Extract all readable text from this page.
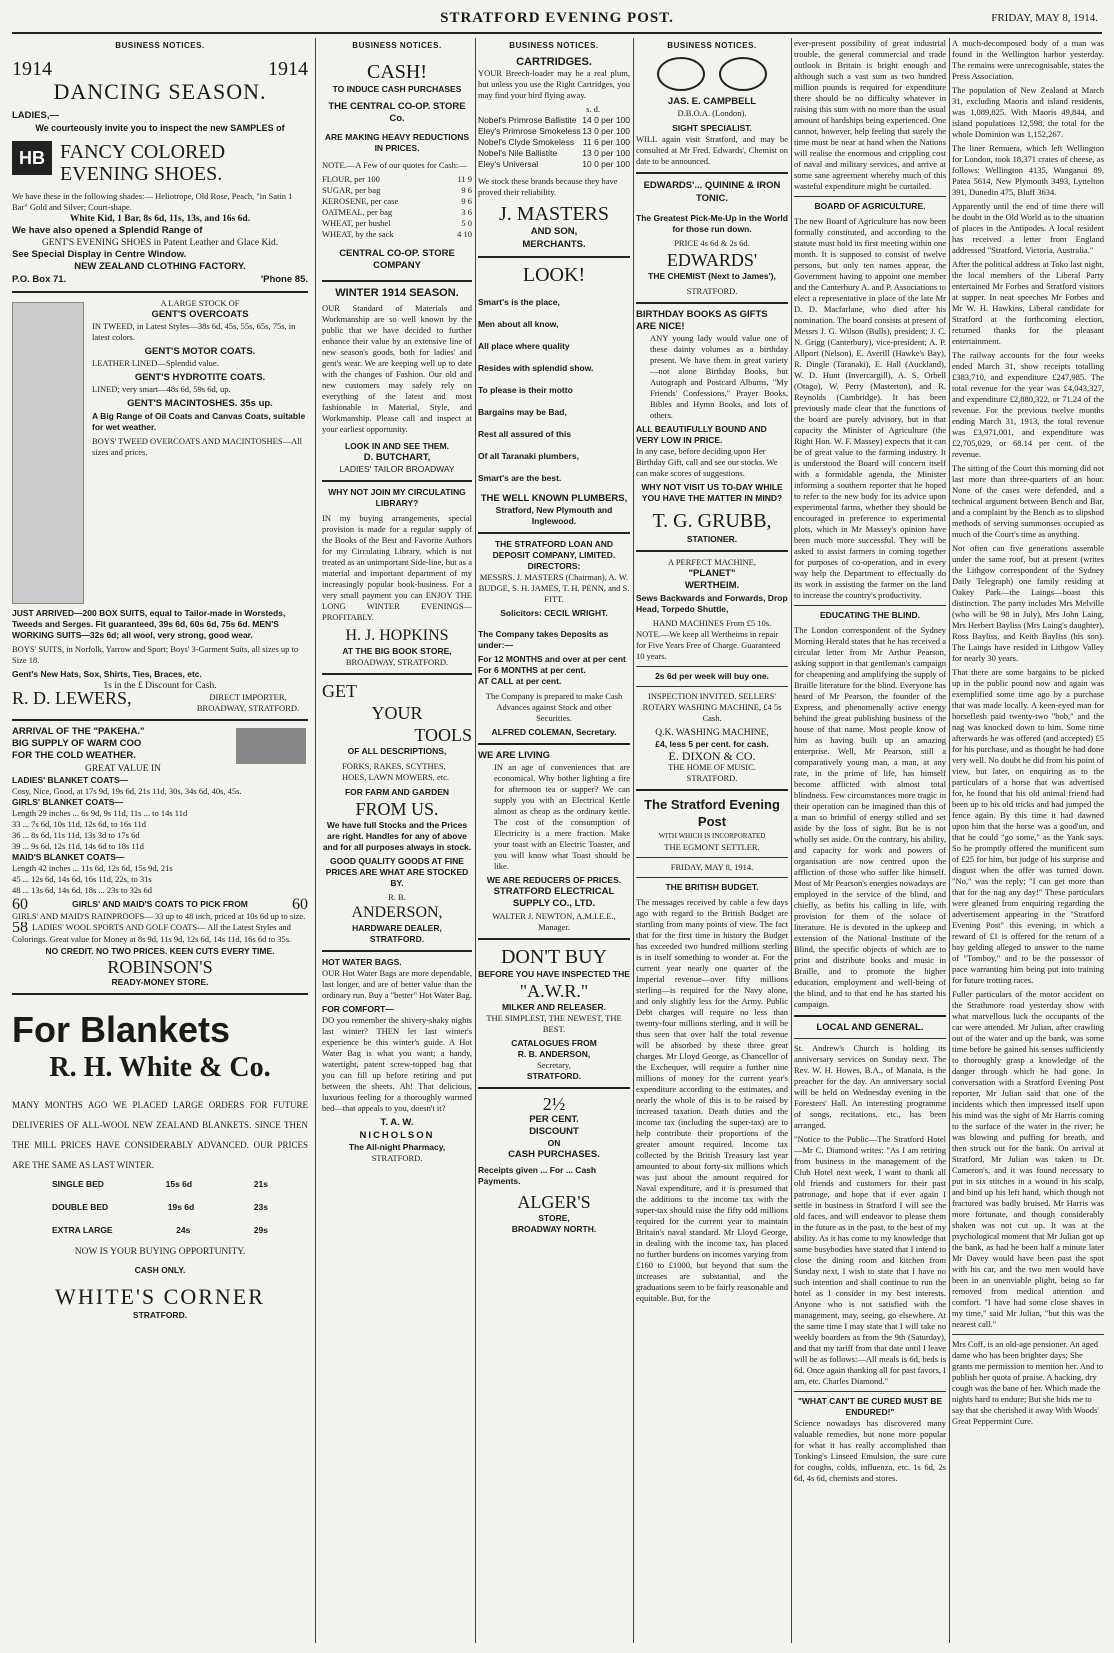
STRATFORD EVENING POST.	FRIDAY, MAY 8, 1914.
BUSINESS NOTICES.
1914	1914
DANCING SEASON.
LADIES,—
We courteously invite you to inspect the new SAMPLES of
HB FANCY COLORED EVENING SHOES.
We have these in the following shades:— Heliotrope, Old Rose, Peach, "in Satin 1 Bar" Gold and Silver; Court-shape.
White Kid, 1 Bar, 8s 6d, 11s, 13s, and 16s 6d.
We have also opened a Splendid Range of
GENT'S EVENING SHOES in Patent Leather and Glace Kid.
See Special Display in Centre Window.
NEW ZEALAND CLOTHING FACTORY.
P.O. Box 71.	'Phone 85.
A LARGE STOCK OF
GENT'S OVERCOATS

IN TWEED, in Latest Styles—38s 6d, 45s, 55s, 65s, 75s, in latest colors.

GENT'S MOTOR COATS.

LEATHER LINED—Splendid value.

GENT'S HYDROTITE COATS.

LINED; very smart—48s 6d, 59s 6d, up.

GENT'S MACINTOSHES. 35s up.

A Big Range of Oil Coats and Canvas Coats, suitable for wet weather.

BOYS' TWEED OVERCOATS AND MACINTOSHES—All sizes and prices.

JUST ARRIVED—200 BOX SUITS, equal to Tailor-made in Worsteds, Tweeds and Serges. Fit guaranteed, 39s 6d, 60s 6d, 75s 6d. MEN'S WORKING SUITS—32s 6d; all wool, very strong, good wear.

BOYS' SUITS, in Norfolk, Yarrow and Sport; Boys' 3-Garment Suits, all sizes up to Size 18.

Gent's New Hats, Sox, Shirts, Ties, Braces, etc.
1s in the £ Discount for Cash.
R. D. LEWERS,	DIRECT IMPORTER, BROADWAY, STRATFORD.
ARRIVAL OF THE "PAKEHA."
BIG SUPPLY OF WARM COO
FOR THE COLD WEATHER.
GREAT VALUE IN
LADIES' BLANKET COATS—
Cosy, Nice, Good, at 17s 9d, 19s 6d, 21s 11d, 30s, 34s 6d, 40s, 45s.
GIRLS' BLANKET COATS—
Length 29 inches ... 6s 9d, 9s 11d, 11s ... to 14s 11d
33 ... 7s 6d, 10s 11d, 12s 6d, to 16s 11d
36 ... 8s 6d, 11s 11d, 13s 3d to 17s 6d
39 ... 9s 6d, 12s 11d, 14s 6d to 18s 11d
MAID'S BLANKET COATS—
Length 42 inches ... 11s 6d, 12s 6d, 15s 9d, 21s
45 ... 12s 6d, 14s 6d, 16s 11d, 22s, to 31s
48 ... 13s 6d, 14s 6d, 18s ... 23s to 32s 6d
60	GIRLS' AND MAID'S COATS TO PICK FROM	60
GIRLS' AND MAID'S RAINPROOFS— 33 up to 48 inch, priced at 10s 6d up to size.
58 LADIES' WOOL SPORTS AND GOLF COATS— All the Latest Styles and Colorings. Great value for Money at 8s 9d, 11s 9d, 12s 6d, 14s 11d, 16s 6d to 35s.
NO CREDIT. NO TWO PRICES. KEEN CUTS EVERY TIME.
ROBINSON'S
READY-MONEY STORE.
For Blankets
R. H. White & Co.

MANY MONTHS AGO WE PLACED LARGE ORDERS FOR FUTURE DELIVERIES OF ALL-WOOL NEW ZEALAND BLANKETS. SINCE THEN THE MILL PRICES HAVE CONSIDERABLY ADVANCED. OUR PRICES ARE THE SAME AS LAST WINTER.

SINGLE BED	15s 6d	21s
DOUBLE BED	19s 6d	23s
EXTRA LARGE	24s	29s
NOW IS YOUR BUYING OPPORTUNITY.
CASH ONLY.
WHITE'S CORNER
STRATFORD.
BUSINESS NOTICES.
CASH!
TO INDUCE CASH PURCHASES
THE CENTRAL CO-OP. STORE Co.
ARE MAKING HEAVY REDUCTIONS IN PRICES.

NOTE.—A Few of our quotes for Cash:—

FLOUR, per 100	11 9
SUGAR, per bag	9 6
KEROSENE, per case	9 6
OATMEAL, per bag	3 6
WHEAT, per bushel	5 0
WHEAT, by the sack	4 10
CENTRAL CO-OP. STORE COMPANY
WINTER 1914 SEASON.

OUR Standard of Materials and Workmanship are so well known by the public that we have decided to further enhance their value by an extensive line of new season's goods, both for ladies' and gent's wear. We are keeping well up to date with the changes of Fashion. Our old and new customers may safely rely on everything of the latest and most fashionable in Material, Style, and Workmanship. Please call and inspect at your earliest opportunity.

LOOK IN AND SEE THEM.
D. BUTCHART,
LADIES' TAILOR BROADWAY
WHY NOT JOIN MY CIRCULATING LIBRARY?

IN my buying arrangements, special provision is made for a regular supply of the Books of the Best and Favorite Authors for my Circulating Library, which is not treated as an unimportant Side-line, but as a material and important department of my increasingly popular book-business. For a very small payment you can ENJOY THE LONG WINTER EVENINGS—PROFITABLY.

H. J. HOPKINS
AT THE BIG BOOK STORE,
BROADWAY, STRATFORD.
GET
YOUR
TOOLS
OF ALL DESCRIPTIONS,

FORKS, RAKES, SCYTHES, HOES, LAWN MOWERS, etc.

FOR FARM AND GARDEN
FROM US.

We have full Stocks and the Prices are right. Handles for any of above and for all purposes always in stock.

GOOD QUALITY GOODS AT FINE PRICES ARE WHAT ARE STOCKED BY.

R. B.
ANDERSON,
HARDWARE DEALER,
STRATFORD.
HOT WATER BAGS.

OUR Hot Water Bags are more dependable, last longer, and are of better value than the ordinary run. Buy a "better" Hot Water Bag.

FOR COMFORT—

DO you remember the shivery-shaky nights last winter? THEN let last winter's experience be this winter's guide. A Hot Water Bag is what you want; a handy, watertight, patent screw-topped bag that you can fill up before retiring and put between the sheets. Ah! That delicious, luxurious feeling for a thoroughly warmed bed—that appeals to you, doesn't it?

T. A. W.
NICHOLSON
The All-night Pharmacy,
STRATFORD.
BUSINESS NOTICES.
CARTRIDGES.

YOUR Breech-loader may be a real plum, but unless you use the Right Cartridges, you may find your bird flying away.

s. d.
Nobel's Primrose Ballistite 14 0 per 100
Eley's Primrose Smokeless 13 0 per 100
Nobel's Clyde Smokeless 11 6 per 100
Nobel's Nile Ballistite	13 0 per 100
Eley's Universal	10 0 per 100

We stock these brands because they have proved their reliability.

J. MASTERS
AND SON,
MERCHANTS.
LOOK!
Smart's is the place,
Men about all know,
All place where quality
Resides with splendid show.
To please is their motto
Bargains may be Bad,
Rest all assured of this
Of all Taranaki plumbers,
Smart's are the best.
THE WELL KNOWN PLUMBERS,
Stratford, New Plymouth and Inglewood.
THE STRATFORD LOAN AND DEPOSIT COMPANY, LIMITED.
DIRECTORS:

MESSRS. J. MASTERS (Chairman), A. W. BUDGE, S. H. JAMES, T. H. PENN, and S. FITT.

Solicitors: CECIL WRIGHT.

The Company takes Deposits as under:—

For 12 MONTHS and over at per cent
For 6 MONTHS at per cent.
AT CALL at per cent.

The Company is prepared to make Cash Advances against Stock and other Securities.

ALFRED COLEMAN, Secretary.
WE ARE LIVING

IN an age of conveniences that are economical. Why bother lighting a fire for afternoon tea or supper? We can supply you with an Electrical Kettle almost as cheap as the ordinary kettle. The cost of the consumption of Electricity is a mere fraction. Make your toast with an Electric Toaster, and you will know what Toast should be like.

WE ARE REDUCERS OF PRICES.
STRATFORD ELECTRICAL SUPPLY CO., LTD.
WALTER J. NEWTON, A.M.I.E.E., Manager.
DON'T BUY
BEFORE YOU HAVE INSPECTED THE
"A.W.R."
MILKER AND RELEASER.

THE SIMPLEST, THE NEWEST, THE BEST.

CATALOGUES FROM
R. B. ANDERSON,
Secretary,
STRATFORD.
2½
PER CENT.
DISCOUNT
ON
CASH PURCHASES.
Receipts given ... For ... Cash Payments.
ALGER'S
STORE,
BROADWAY NORTH.
BUSINESS NOTICES.
JAS. E. CAMPBELL
D.B.O.A. (London).
SIGHT SPECIALIST.

WILL again visit Stratford, and may be consulted at Mr Fred. Edwards', Chemist on date to be announced.

EDWARDS'... QUININE & IRON TONIC.

The Greatest Pick-Me-Up in the World for those run down.

PRICE 4s 6d & 2s 6d.
EDWARDS'
THE CHEMIST (Next to James'),
STRATFORD.
BIRTHDAY BOOKS AS GIFTS ARE NICE!

ANY young lady would value one of these dainty volumes as a birthday present. We have them in great variety—not alone Birthday Books, but Autograph and Postcard Albums, "My Friends' Confessions," Prayer Books, Bibles and Hymn Books, and lots of others.

ALL BEAUTIFULLY BOUND AND VERY LOW IN PRICE.

In any case, before deciding upon Her Birthday Gift, call and see our stocks. We can make scores of suggestions.

WHY NOT VISIT US TO-DAY WHILE YOU HAVE THE MATTER IN MIND?
T. G. GRUBB,
STATIONER.
A PERFECT MACHINE,
"PLANET"
WERTHEIM.

Sews Backwards and Forwards, Drop Head, Torpedo Shuttle,

HAND MACHINES From £5 10s.

NOTE.—We keep all Wertheims in repair for Five Years Free of Charge. Guaranteed 10 years.

2s 6d per week will buy one.

INSPECTION INVITED. SELLERS' ROTARY WASHING MACHINE, £4 5s Cash.

Q.K. WASHING MACHINE,
£4, less 5 per cent. for cash.
E. DIXON & CO.
THE HOME OF MUSIC.
STRATFORD.
The Stratford Evening Post
WITH WHICH IS INCORPORATED
THE EGMONT SETTLER.
FRIDAY, MAY 8, 1914.
THE BRITISH BUDGET.

The messages received by cable a few days ago with regard to the British Budget are startling from many points of view. The fact that for the first time in history the Budget has exceeded two hundred millions sterling is in itself something to wonder at. For the current year nearly one quarter of the Imperial revenue—over fifty millions sterling—is required for the Navy alone, and only slightly less for the Army. Public Debt charges will require no less than twenty-four millions sterling, and it will be thus seen that over half the total revenue will be absorbed by these three great charges. Mr Lloyd George, as Chancellor of the Exchequer, will require a further nine millions of money for the current year's expenditure according to the estimates, and nearly the whole of this is to be raised by increased taxation. Death duties and the income tax (including the super-tax) are to help contribute their proportions of the greater amount required. Income tax collected by the British Treasury last year amounted to about forty-six millions which was just about the amount required for Naval expenditure, and it is presumed that the additions to the income tax with the super-tax should raise the fifty odd millions required for the current year to maintain Britain's naval standard. Mr Lloyd George, in dealing with the income tax, has placed no further burdens on incomes varying from £160 to £1000, but beyond that sum the increases are substantial, and the graduations seem to be fairly reasonable and equitable. But, for the

ever-present possibility of great industrial trouble, the general commercial and trade outlook in Britain is bright enough and although such a vast sum as two hundred million pounds is required for expenditure there should be no difficulty whatever in raising this sum with no more than the usual amount of hardships being experienced. One cannot, however, help feeling that surely the time must be near at hand when the Nations will realise the enormous and crippling cost of naval and military services, and arrive at some sane agreement whereby much of this wasteful expenditure might be curtailed.

BOARD OF AGRICULTURE.

The new Board of Agriculture has now been formally constituted, and according to the statute must hold its first meeting within one month. It is supposed to consist of twelve persons, but only ten names appear, the Government having to appoint one member and the Canterbury A. and P. Associations to elect a representative in place of the late Mr D. D. Macfarlane, who died after his nomination. The board consists at present of Messrs J. G. Wilson (Bulls), president; J. C. N. Grigg (Canterbury), vice-president; A. P. Allport (Nelson), E. Averill (Hawke's Bay), R. Dingle (Taranaki), E. Hall (Auckland), W. D. Hunt (Invercargill), A. S. Orbell (Otago), W. Perry (Masterton), and R. Reynolds (Cambridge). It has been previously made clear that the functions of the board are purely advisory, but in that capacity the Minister of Agriculture (the Right Hon. W. F. Massey) expects that it can be of great value to the farming industry. It is understood the Board will concern itself with a formidable agenda, the Minister informing a southern reporter that he hoped to refer to the new body for its advice upon experimental farms, whether they should be encouraged in preference to experimental plots, which in Mr Massey's opinion have been much more successful. They will be asked to assist farmers in coming together for purposes of co-operation, and in every way help the Department to effectually do its work in assisting the farmer on the land to increase the country's productivity.

EDUCATING THE BLIND.

The London correspondent of the Sydney Morning Herald states that he has received a circular letter from Mr Arthur Pearson, asking support in that gentleman's campaign for cheapening and amplifying the supply of Braille literature for the blind. Everyone has heard of Mr Pearson, the founder of the Express, and phenomenally active energy behind the great publishing business of the house of that name. Most people know of him as having built up an amazing enterprise. Well, Mr Pearson, still a comparatively young man, a man, at any rate, in the prime of life, has himself become afflicted with almost total blindness. Few circumstances more tragic in their operation can be imagined than this of a man so brimful of energy stilled and set aside by the loss of sight. But he is not wholly set aside. On the contrary, his ability, and capacity for work and powers of organisation are now centred upon the affliction of those who suffer like himself. Most of Mr Pearson's energies nowadays are employed in the service of the blind, and chiefly, as befits his calling in life, with provision for them of the solace of literature. He is devoted in the upkeep and extension of the National Institute of the Blind, the specific objects of which are to print and distribute books and music in Braille, and to promote the higher education, employment and well-being of the blind, and to that end he has started his campaign.

LOCAL AND GENERAL.

St. Andrew's Church is holding its anniversary services on Sunday next. The Rev. W. H. Howes, B.A., of Manaia, is the preacher for the day. An anniversary social will be held on Wednesday evening in the Foresters' Hall. An interesting programme of songs, recitations, etc., has been arranged.

"Notice to the Public—The Stratford Hotel—Mr C. Diamond writes: "As I am retiring from business in the management of the Club Hotel next week, I want to thank all old friends and customers for their past patronage, and hope that if ever again I settle in business in Stratford I will see the old faces, and will endeavor to please them in the future as in the past, to the best of my ability. As it has come to my knowledge that some busybodies have stated that I intend to close the dining room and kitchen from Sunday next, I wish to state that I have no such intention and shall continue to run the hotel as I consider in my best interests. Anyone who is not satisfied with the management, may, seeing, go elsewhere. At the same time I may state that I will take no weekly boarders as from the 9th (Saturday), and that my tariff from that date until I leave will be as follows:—All meals is 6d, beds is 6d. Once again thanking all for past favors, I am, etc. Charles Diamond."

"WHAT CAN'T BE CURED MUST BE ENDURED!"

Science nowadays has discovered many valuable remedies, but none more popular for what it has really accomplished than Tonking's Linseed Emulsion, the sure cure for coughs, colds, influenza, etc. 1s 6d, 2s 6d, 4s 6d, chemists and stores.

A much-decomposed body of a man was found in the Wellington harbor yesterday. The remains were unrecognisable, states the Press Association.

The population of New Zealand at March 31, excluding Maoris and island residents, was 1,089,825. With Maoris 49,844, and island populations 12,598, the total for the whole Dominion was 1,152,267.

The liner Remuera, which left Wellington for London, took 18,371 crates of cheese, as follows: Wellington 4135, Wanganui 89, Patea 5614, New Plymouth 3493, Lyttelton 391, Dunedin 475, Bluff 3634.

Apparently until the end of time there will be doubt in the Old World as to the situation of places in the Antipodes. A local resident has received a letter from England addressed "Stratford, Victoria, Australia."

After the political address at Toko last night, the local members of the Liberal Party entertained Mr Forbes and Stratford visitors at supper. In neat speeches Mr Forbes and Mr W. H. Hawkins, Liberal candidate for Stratford at the forthcoming election, returned thanks for the pleasant entertainment.

The railway accounts for the four weeks ended March 31, show receipts totalling £383,710, and expenditure £247,985. The total revenue for the year was £4,043,327, and expenditure £2,880,322, or 71.24 of the revenue. For the previous twelve months ending March 31, 1913, the total revenue was £3,971,001, and expenditure was £2,705,029, or 68.14 per cent. of the revenue.

The sitting of the Court this morning did not last more than three-quarters of an hour. None of the cases were defended, and a technical argument between Bench and Bar, and a complaint by the Bench as to slipshod methods of serving summonses occupied as much of the Court's time as anything.

Not often can five generations assemble under the same roof, but at present (writes the Lithgow correspondent of the Sydney Daily Telegraph) one family residing at Oakey Park—the Laings—boast this distinction. The party includes Mrs Melville (who will be 98 in July), Mrs John Laing, Mrs Herbert Bayliss (Mrs Laing's daughter), Ross Bayliss, and Keith Bayliss (his son). The Laings have resided in Lithgow Valley for nearly 30 years.

That there are some bargains to be picked up in the public pound now and again was exemplified some time ago by a purchase that was made locally. A keen-eyed man for horseflesh paid twenty-two "bob," and the nag was knocked down to him. Some time afterwards he was offered (and accepted) £5 for his purchase, and as thought he had done very well. No doubt he did from his point of view, but later, on enquiring as to the particulars of a horse that was advertised for, he found that his old animal friend had been up to his old tricks and had jumped the fence again. By this time it had dawned upon him that the horse was a good'un, and that he could "go some," as the Yank says. So he promptly offered the munificent sum of £25 for him, but judge of his surprise and disgust when the offer was turned down. "No," was the reply; "I can get more than that for the nag any day!" These particulars were gleaned from enquiring regarding the advertisement appearing in the "Stratford Evening Post" this evening, in which a reward of £1 is offered for the return of a bay gelding alleged to answer to the name of "Tomboy," and to be the possessor of pace warranting him being put into training for future trotting races.

Fuller particulars of the motor accident on the Strathmore road yesterday show with what marvellous luck the occupants of the car were attended. Mr Julian, after crawling out of the water and up the bank, was some time before he gained his senses sufficiently to thoroughly grasp a knowledge of the danger through which he had gone. In conversation with a Stratford Evening Post reporter, Mr Julian said that one of the incidents which then impressed itself upon his mind was the sight of Mr Harris coming to the surface of the water in the river; he was blowing and puffing for breath, and then struck out for the bank. On arrival at Stratford, Mr Julian was taken to Dr. Cameron's, and it was found necessary to put in six stitches in a wound in his scalp, and bind up his left hand, which though not fractured was badly bruised. Mr Harris was more fortunate, and though considerably shaken was not cut up. It was at the psychological moment that Mr Julian got up the bank, as had he been half a minute later Mr Davey would have been past the spot with his car, and the two men would have been in an unenviable plight, being so far removed from medical attention and comfort. "I have had some close shaves in my time," said Mr Julian, "but this was the nearest call."

Mrs Coff, is an old-age pensioner. An aged dame who has been brighter days; She grants me permission to mention her. And to publish her quota of praise. A hacking, dry cough was the bane of her. Which made the nights hard to endure; But she bids me to say that she cherished it away With Woods' Great Peppermint Cure.
